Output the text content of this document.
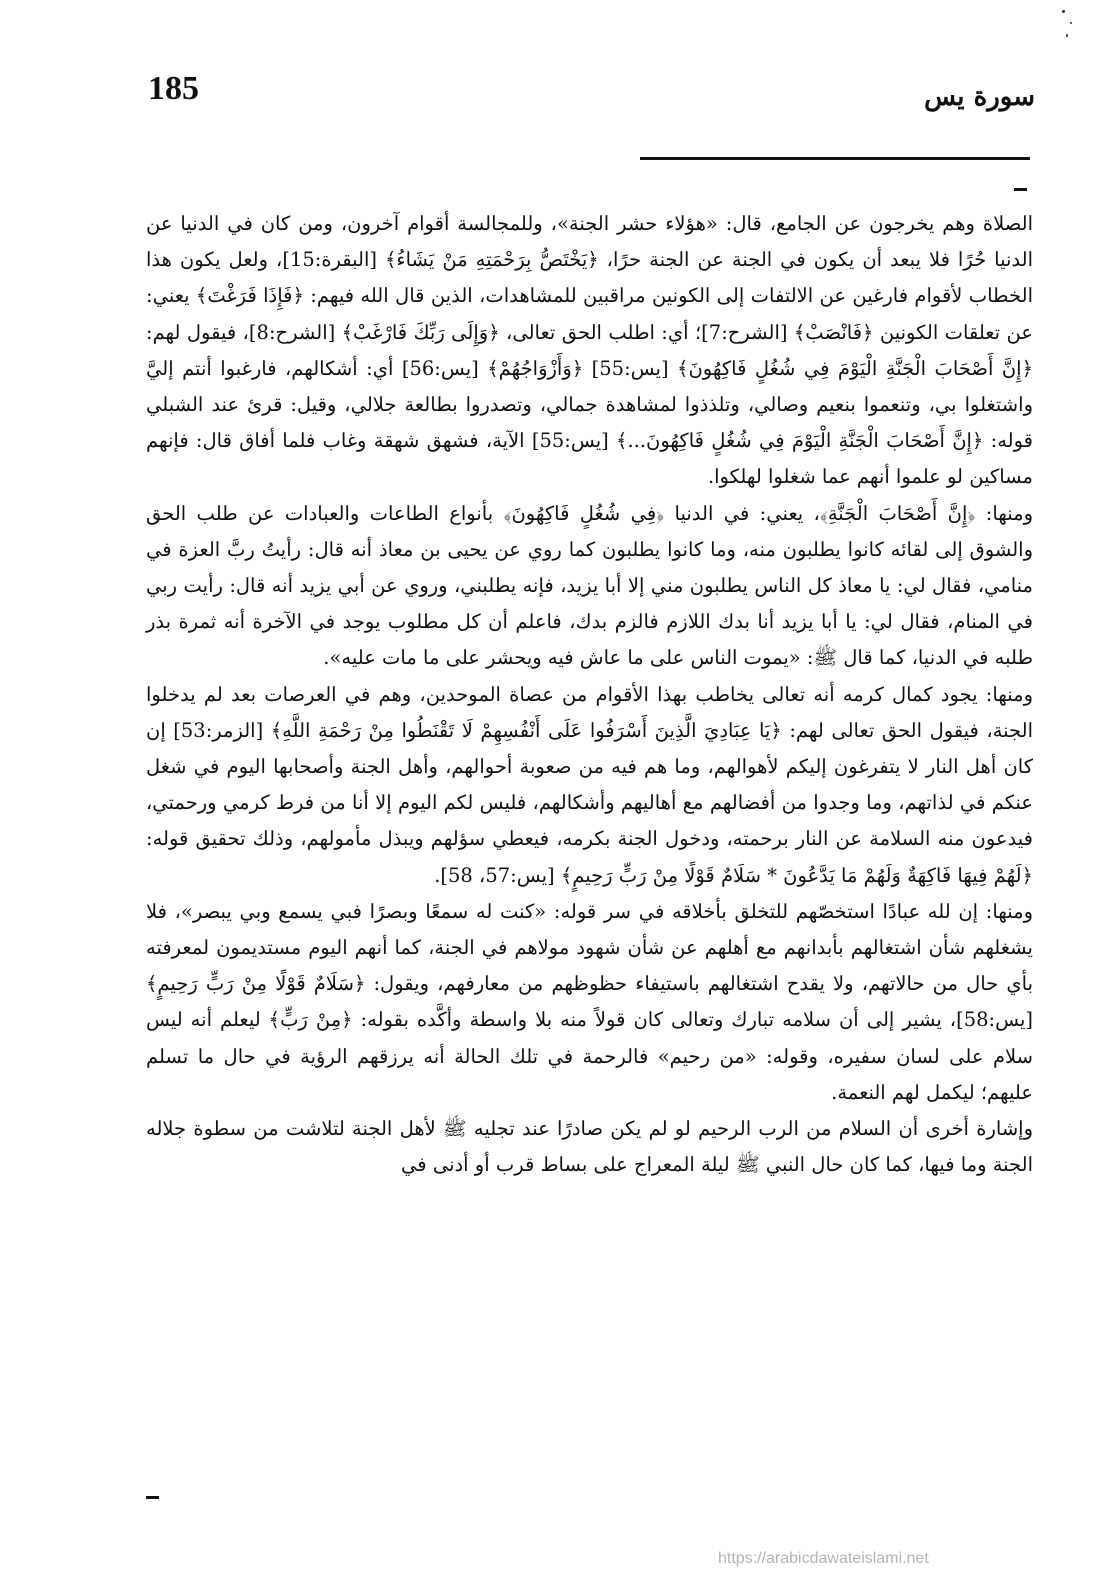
185	سورة يس

الصلاة وهم يخرجون عن الجامع، قال: «هؤلاء حشر الجنة»، وللمجالسة أقوام آخرون، ومن كان في الدنيا عن الدنيا حُرًا فلا يبعد أن يكون في الجنة عن الجنة حرًا، ﴿يَخْتَصُّ بِرَحْمَتِهِ مَنْ يَشَاءُ﴾ [البقرة:15]، ولعل يكون هذا الخطاب لأقوام فارغين عن الالتفات إلى الكونين مراقبين للمشاهدات، الذين قال الله فيهم: ﴿فَإِذَا فَرَغْتَ﴾ يعني: عن تعلقات الكونين ﴿فَانْصَبْ﴾ [الشرح:7]؛ أي: اطلب الحق تعالى، ﴿وَإِلَى رَبِّكَ فَارْغَبْ﴾ [الشرح:8]، فيقول لهم: ﴿إِنَّ أَصْحَابَ الْجَنَّةِ الْيَوْمَ فِي شُغُلٍ فَاكِهُونَ﴾ [يس:55] ﴿وَأَزْوَاجُهُمْ﴾ [يس:56] أي: أشكالهم، فارغبوا أنتم إليَّ واشتغلوا بي، وتنعموا بنعيم وصالي، وتلذذوا لمشاهدة جمالي، وتصدروا بطالعة جلالي، وقيل: قرئ عند الشبلي قوله: ﴿إِنَّ أَصْحَابَ الْجَنَّةِ الْيَوْمَ فِي شُغُلٍ فَاكِهُونَ...﴾ [يس:55] الآية، فشهق شهقة وغاب فلما أفاق قال: فإنهم مساكين لو علموا أنهم عما شغلوا لهلكوا.

ومنها: ﴿إِنَّ أَصْحَابَ الْجَنَّةِ﴾، يعني: في الدنيا ﴿فِي شُغُلٍ فَاكِهُونَ﴾ بأنواع الطاعات والعبادات عن طلب الحق والشوق إلى لقائه كانوا يطلبون منه، وما كانوا يطلبون كما روي عن يحيى بن معاذ أنه قال: رأيتُ ربَّ العزة في منامي، فقال لي: يا معاذ كل الناس يطلبون مني إلا أبا يزيد، فإنه يطلبني، وروي عن أبي يزيد أنه قال: رأيت ربي في المنام، فقال لي: يا أبا يزيد أنا بدك اللازم فالزم بدك، فاعلم أن كل مطلوب يوجد في الآخرة أنه ثمرة بذر طلبه في الدنيا، كما قال ﷺ: «يموت الناس على ما عاش فيه ويحشر على ما مات عليه».

ومنها: يجود كمال كرمه أنه تعالى يخاطب بهذا الأقوام من عصاة الموحدين، وهم في العرصات بعد لم يدخلوا الجنة، فيقول الحق تعالى لهم: ﴿يَا عِبَادِيَ الَّذِينَ أَسْرَفُوا عَلَى أَنْفُسِهِمْ لَا تَقْنَطُوا مِنْ رَحْمَةِ اللَّهِ﴾ [الزمر:53] إن كان أهل النار لا يتفرغون إليكم لأهوالهم، وما هم فيه من صعوبة أحوالهم، وأهل الجنة وأصحابها اليوم في شغل عنكم في لذاتهم، وما وجدوا من أفضالهم مع أهاليهم وأشكالهم، فليس لكم اليوم إلا أنا من فرط كرمي ورحمتي، فيدعون منه السلامة عن النار برحمته، ودخول الجنة بكرمه، فيعطي سؤلهم ويبذل مأمولهم، وذلك تحقيق قوله: ﴿لَهُمْ فِيهَا فَاكِهَةٌ وَلَهُمْ مَا يَدَّعُونَ * سَلَامٌ قَوْلًا مِنْ رَبٍّ رَحِيمٍ﴾ [يس:57، 58].

ومنها: إن لله عبادًا استخصّهم للتخلق بأخلاقه في سر قوله: «كنت له سمعًا وبصرًا فبي يسمع وبي يبصر»، فلا يشغلهم شأن اشتغالهم بأبدانهم مع أهلهم عن شأن شهود مولاهم في الجنة، كما أنهم اليوم مستديمون لمعرفته بأي حال من حالاتهم، ولا يقدح اشتغالهم باستيفاء حظوظهم من معارفهم، ويقول: ﴿سَلَامٌ قَوْلًا مِنْ رَبٍّ رَحِيمٍ﴾ [يس:58]، يشير إلى أن سلامه تبارك وتعالى كان قولاً منه بلا واسطة وأكَّده بقوله: ﴿مِنْ رَبٍّ﴾ ليعلم أنه ليس سلام على لسان سفيره، وقوله: «من رحيم» فالرحمة في تلك الحالة أنه يرزقهم الرؤية في حال ما تسلم عليهم؛ ليكمل لهم النعمة.

وإشارة أخرى أن السلام من الرب الرحيم لو لم يكن صادرًا عند تجليه ﷺ لأهل الجنة لتلاشت من سطوة جلاله الجنة وما فيها، كما كان حال النبي ﷺ ليلة المعراج على بساط قرب أو أدنى في

https://arabicdawateislami.net
